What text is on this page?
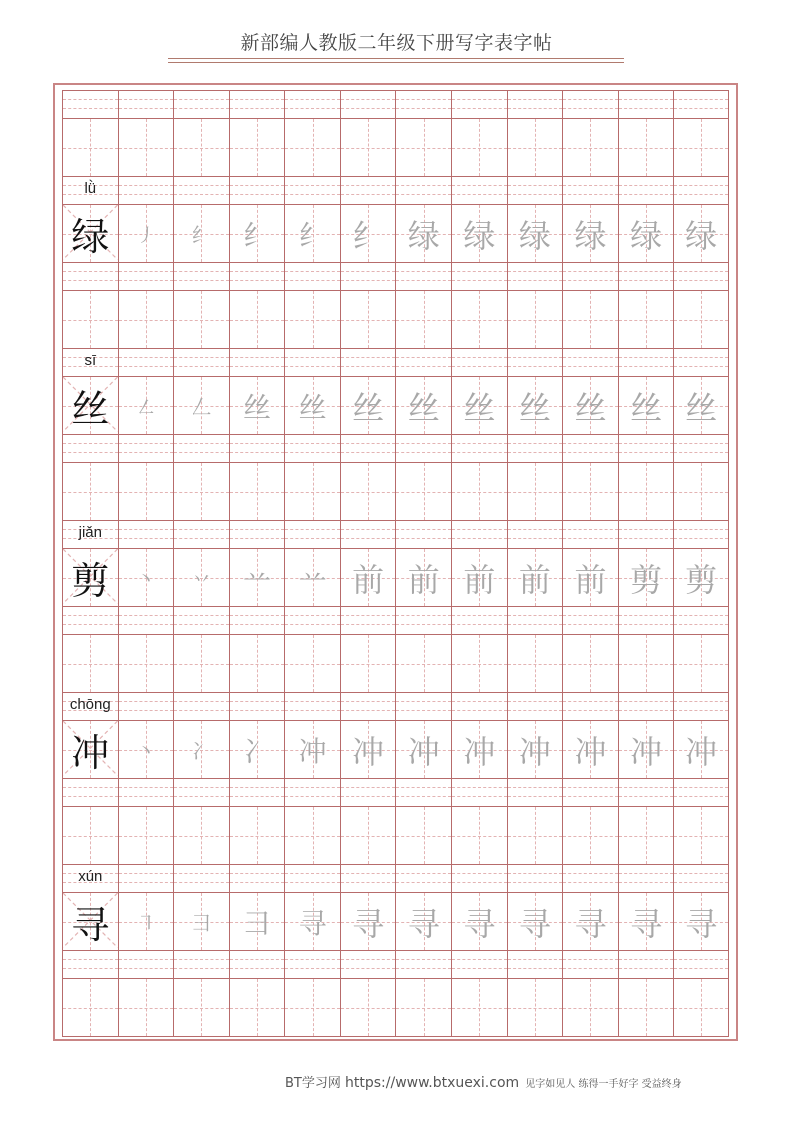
新部编人教版二年级下册写字表字帖
lǜ
绿	㇓	纟	纟 纟 纟 绿 绿 绿 绿 绿 绿
sī
丝	㇜	𠃋	丝 丝 丝 丝 丝 丝 丝 丝 丝
jiǎn
剪	丶	丷	䒑 䒑 前 前 前 前 前 剪 剪
chōng
冲	丶	冫	冫 冲 冲 冲 冲 冲 冲 冲 冲
xún
寻	㇕	彐	彐 寻 寻 寻 寻 寻 寻 寻 寻
BT学习网 https://www.btxuexi.com 见字如见人 练得一手好字 受益终身
